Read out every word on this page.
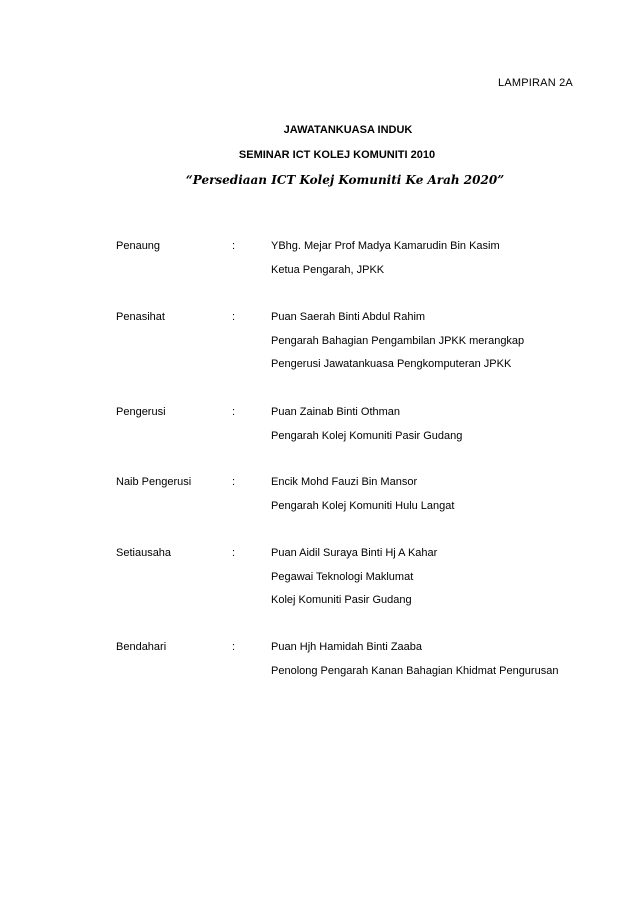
LAMPIRAN 2A
JAWATANKUASA INDUK
SEMINAR ICT KOLEJ KOMUNITI 2010
“Persediaan ICT Kolej Komuniti Ke Arah 2020”
Penaung	:	YBhg. Mejar Prof Madya Kamarudin Bin Kasim
Ketua Pengarah, JPKK
Penasihat	:	Puan Saerah Binti Abdul Rahim
Pengarah Bahagian Pengambilan JPKK merangkap
Pengerusi Jawatankuasa Pengkomputeran JPKK
Pengerusi	:	Puan Zainab Binti Othman
Pengarah Kolej Komuniti Pasir Gudang
Naib Pengerusi	:	Encik Mohd Fauzi Bin Mansor
Pengarah Kolej Komuniti Hulu Langat
Setiausaha	:	Puan Aidil Suraya Binti Hj A Kahar
Pegawai Teknologi Maklumat
Kolej Komuniti Pasir Gudang
Bendahari	:	Puan Hjh Hamidah Binti Zaaba
Penolong Pengarah Kanan Bahagian Khidmat Pengurusan
